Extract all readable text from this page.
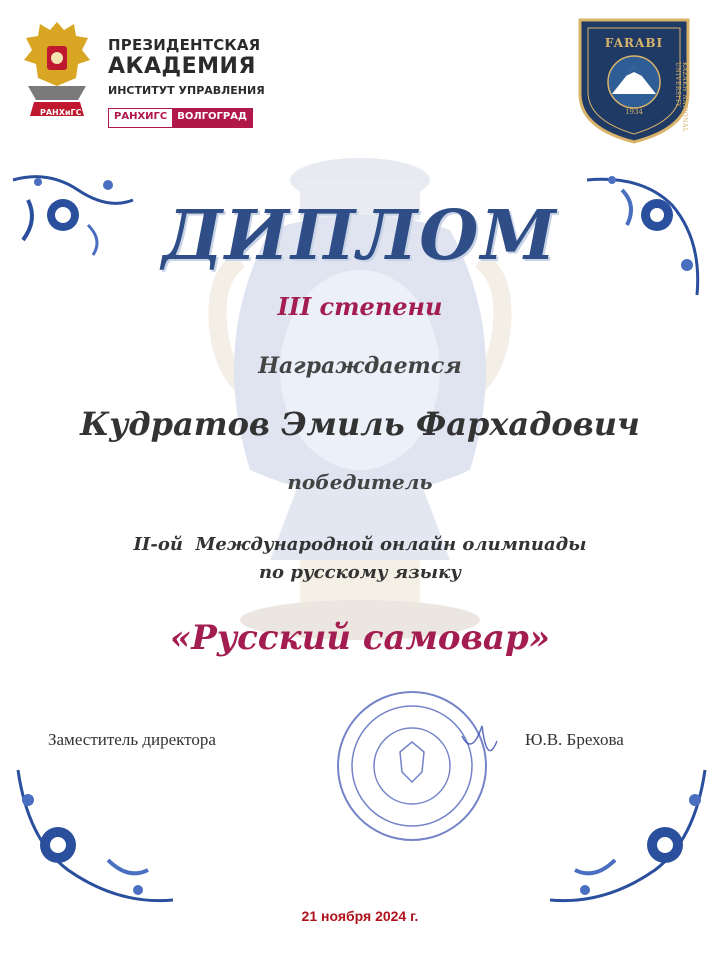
РАНХиГС
ПРЕЗИДЕНТСКАЯ
АКАДЕМИЯ
ИНСТИТУТ УПРАВЛЕНИЯ
РАНХИГС	ВОЛГОГРАД
FARABI
KAZAKH NATIONAL UNIVERSITY
1934
ДИПЛОМ
III степени
Награждается
Кудратов Эмиль Фархадович
победитель
II-ой  Международной онлайн олимпиады
по русскому языку
«Русский самовар»
Заместитель директора	Ю.В. Брехова
21 ноября 2024 г.
